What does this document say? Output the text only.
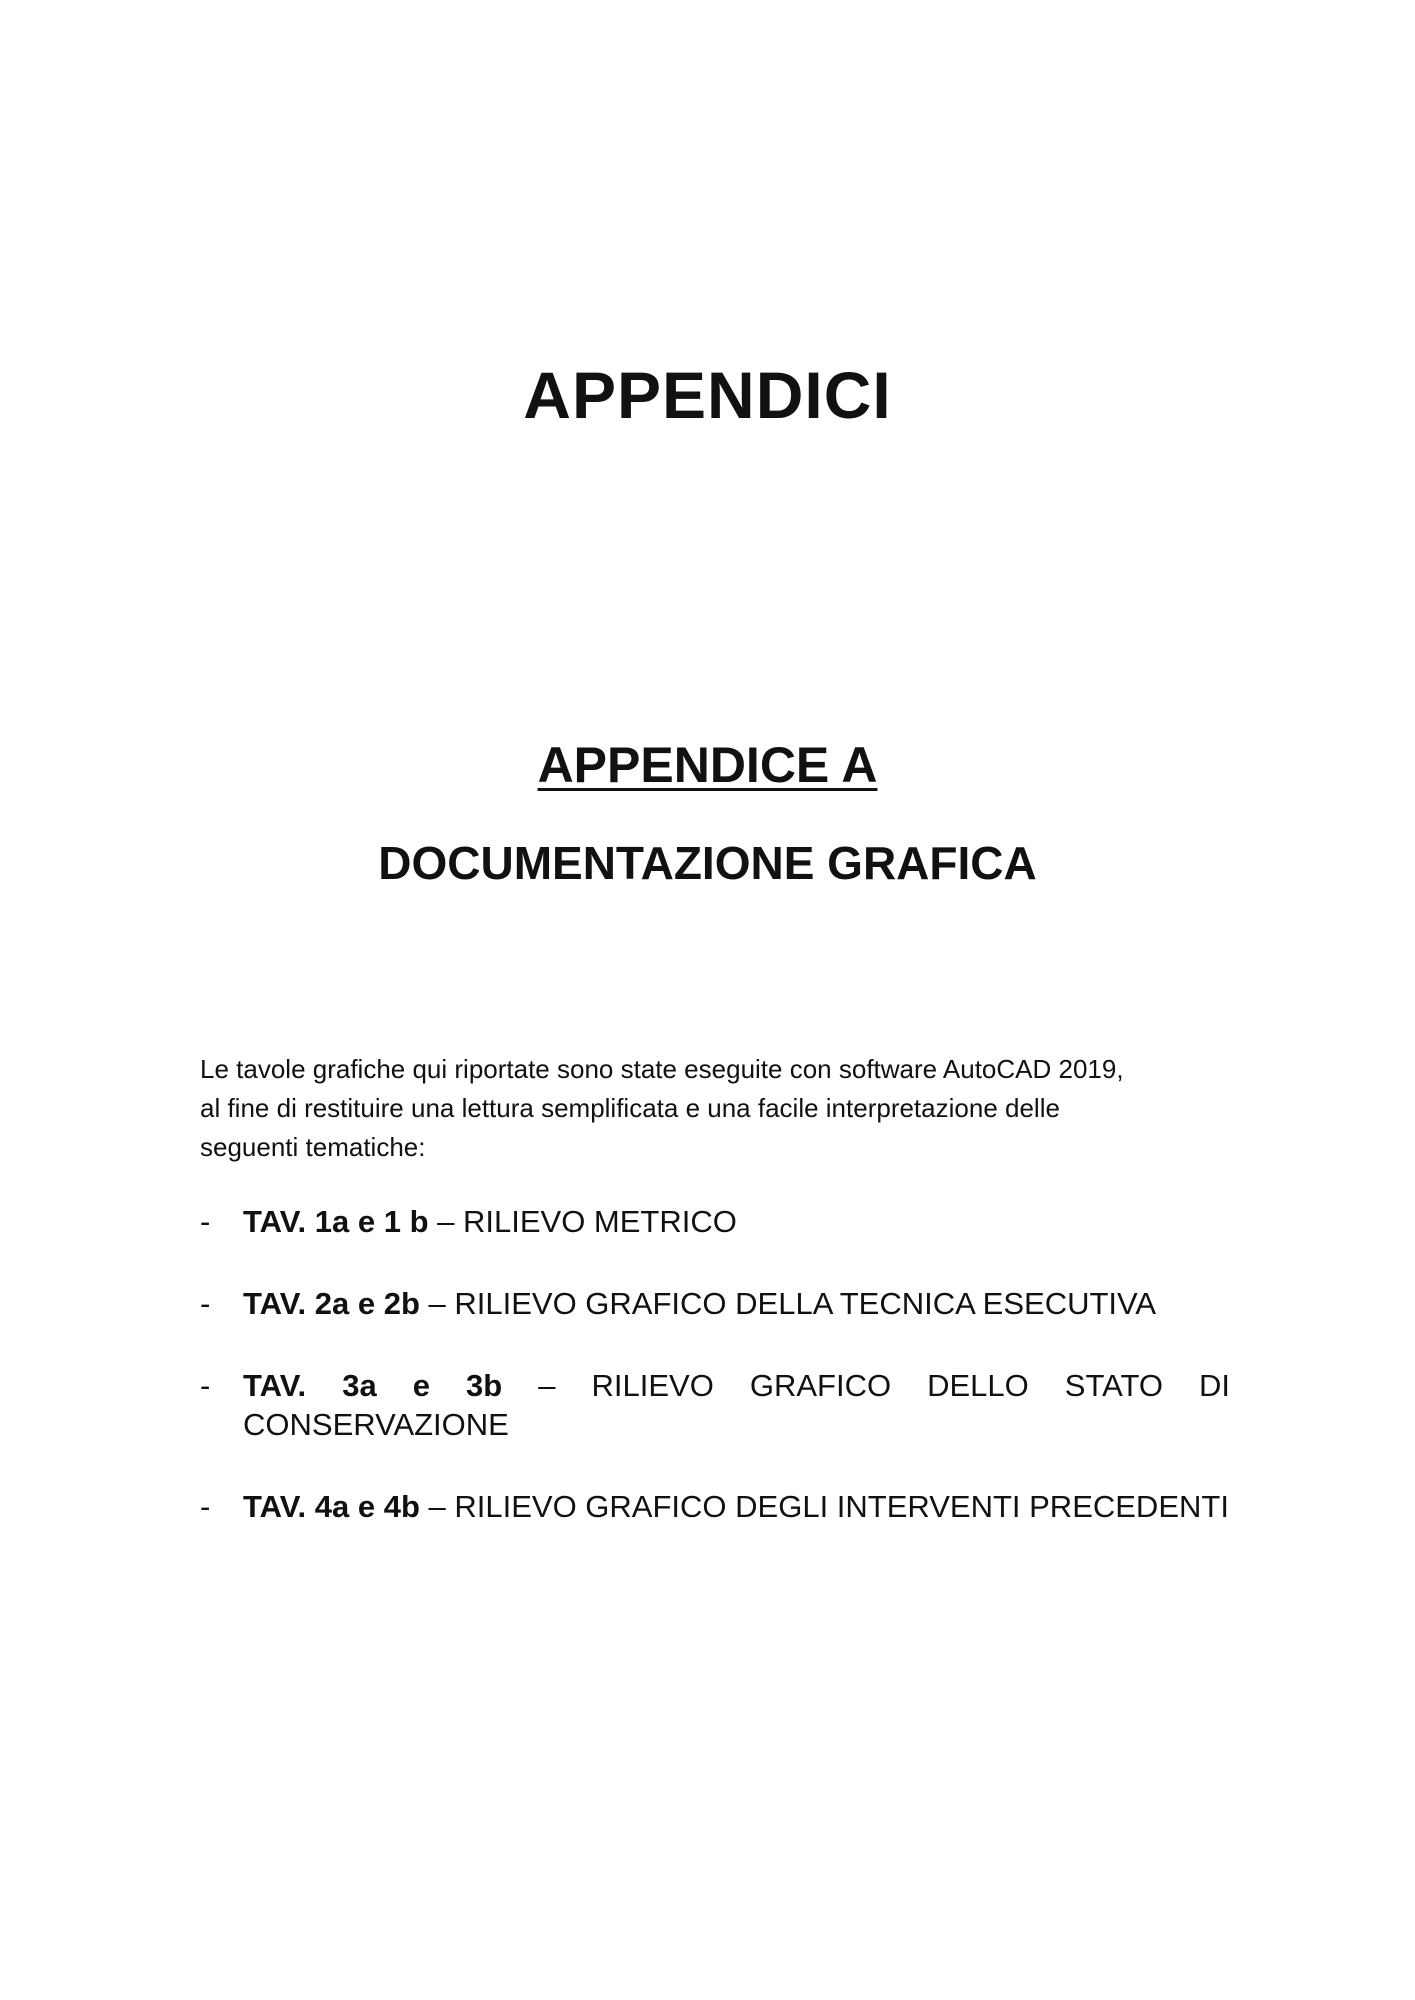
APPENDICI
APPENDICE A
DOCUMENTAZIONE GRAFICA

Le tavole grafiche qui riportate sono state eseguite con software AutoCAD 2019,
al fine di restituire una lettura semplificata e una facile interpretazione delle
seguenti tematiche:

- TAV. 1a e 1 b – RILIEVO METRICO
- TAV. 2a e 2b – RILIEVO GRAFICO DELLA TECNICA ESECUTIVA
- TAV. 3a e 3b – RILIEVO GRAFICO DELLO STATO DI CONSERVAZIONE
- TAV. 4a e 4b – RILIEVO GRAFICO DEGLI INTERVENTI PRECEDENTI
